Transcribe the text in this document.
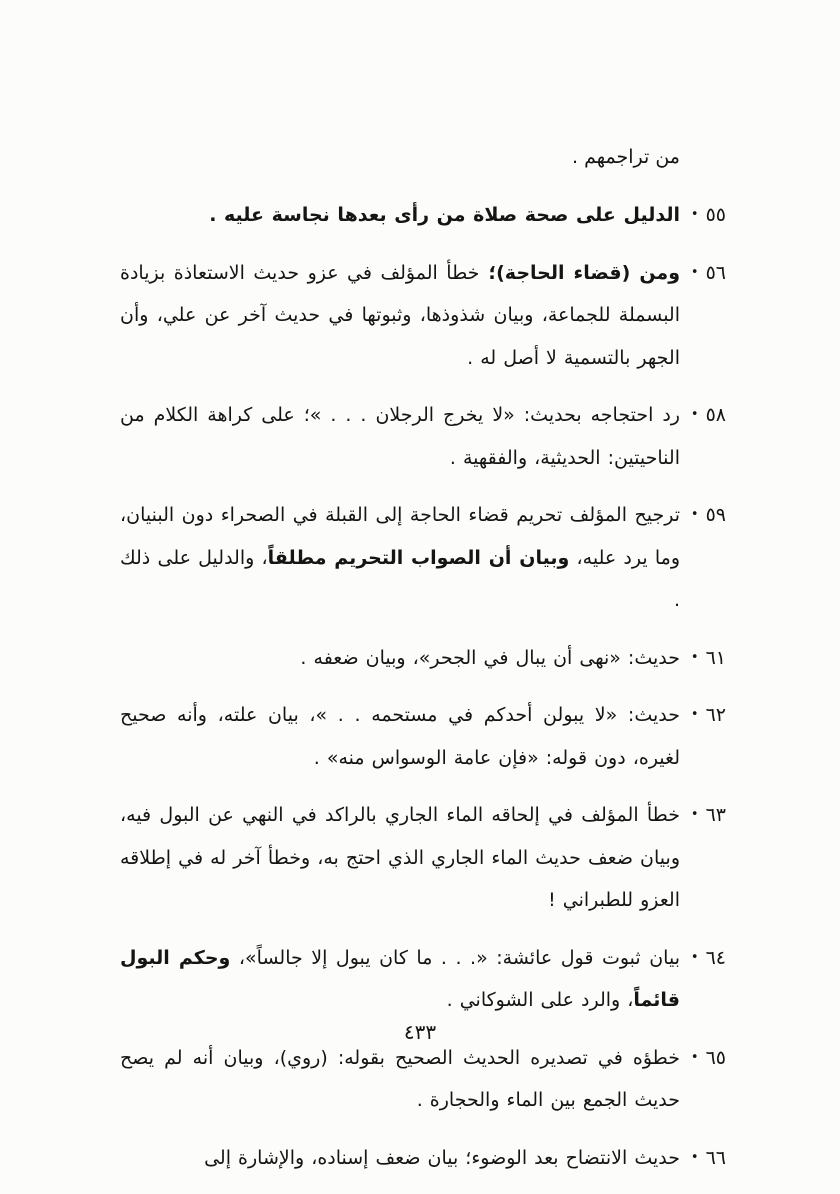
من تراجمهم .

٥٥
•
الدليل على صحة صلاة من رأى بعدها نجاسة عليه .
٥٦
•
ومن (قضاء الحاجة)؛ خطأ المؤلف في عزو حديث الاستعاذة بزيادة البسملة للجماعة، وبيان شذوذها، وثبوتها في حديث آخر عن علي، وأن الجهر بالتسمية لا أصل له .
٥٨
•
رد احتجاجه بحديث: «لا يخرج الرجلان . . . »؛ على كراهة الكلام من الناحيتين: الحديثية، والفقهية .
٥٩
•
ترجيح المؤلف تحريم قضاء الحاجة إلى القبلة في الصحراء دون البنيان، وما يرد عليه، وبيان أن الصواب التحريم مطلقاً، والدليل على ذلك .
٦١
•
حديث: «نهى أن يبال في الجحر»، وبيان ضعفه .
٦٢
•
حديث: «لا يبولن أحدكم في مستحمه . . »، بيان علته، وأنه صحيح لغيره، دون قوله: «فإن عامة الوسواس منه» .
٦٣
•
خطأ المؤلف في إلحاقه الماء الجاري بالراكد في النهي عن البول فيه، وبيان ضعف حديث الماء الجاري الذي احتج به، وخطأ آخر له في إطلاقه العزو للطبراني !
٦٤
•
بيان ثبوت قول عائشة: «. . . ما كان يبول إلا جالساً»، وحكم البول قائماً، والرد على الشوكاني .
٦٥
•
خطؤه في تصديره الحديث الصحيح بقوله: (روي)، وبيان أنه لم يصح حديث الجمع بين الماء والحجارة .
٦٦
•
حديث الانتضاح بعد الوضوء؛ بيان ضعف إسناده، والإشارة إلى
٤٣٣
